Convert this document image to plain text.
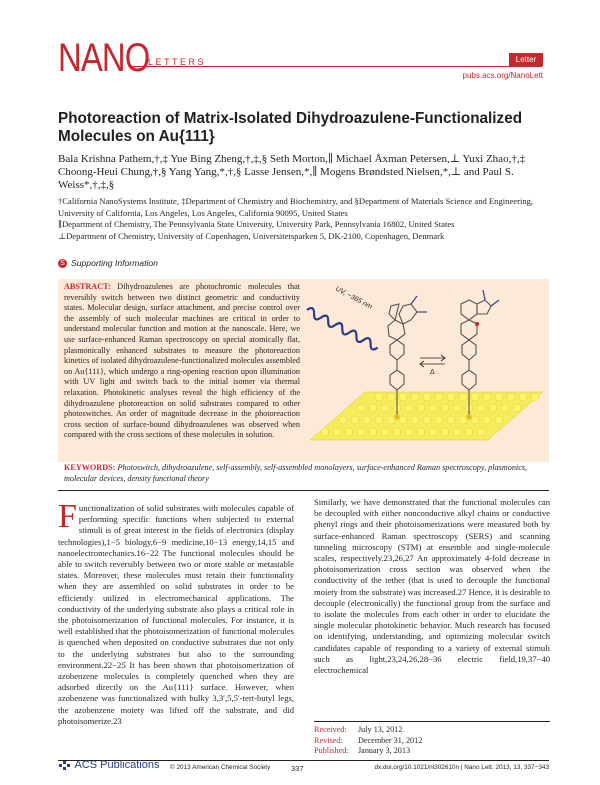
NANO
LETTERS	Letter
pubs.acs.org/NanoLett
Photoreaction of Matrix-Isolated Dihydroazulene-Functionalized Molecules on Au{111}
Bala Krishna Pathem,†,‡ Yue Bing Zheng,†,‡,§ Seth Morton,∥ Michael Åxman Petersen,⊥ Yuxi Zhao,†,‡ Choong-Heui Chung,†,§ Yang Yang,*,†,§ Lasse Jensen,*,∥ Mogens Brøndsted Nielsen,*,⊥ and Paul S. Weiss*,†,‡,§
†California NanoSystems Institute, ‡Department of Chemistry and Biochemistry, and §Department of Materials Science and Engineering, University of California, Los Angeles, Los Angeles, California 90095, United States
∥Department of Chemistry, The Pennsylvania State University, University Park, Pennsylvania 16802, United States
⊥Department of Chemistry, University of Copenhagen, Universitetsparken 5, DK-2100, Copenhagen, Denmark
S Supporting Information
ABSTRACT: Dihydroazulenes are photochromic molecules that reversibly switch between two distinct geometric and conductivity states. Molecular design, surface attachment, and precise control over the assembly of such molecular machines are critical in order to understand molecular function and motion at the nanoscale. Here, we use surface-enhanced Raman spectroscopy on special atomically flat, plasmonically enhanced substrates to measure the photoreaction kinetics of isolated dihydroazulene-functionalized molecules assembled on Au{111}, which undergo a ring-opening reaction upon illumination with UV light and switch back to the initial isomer via thermal relaxation. Photokinetic analyses reveal the high efficiency of the dihydroazulene photoreaction on solid substrates compared to other photoswitches. An order of magnitude decrease in the photoreaction cross section of surface-bound dihydroazulenes was observed when compared with the cross sections of these molecules in solution.
UV, ~365 nm
Δ
KEYWORDS: Photoswitch, dihydroazulene, self-assembly, self-assembled monolayers, surface-enhanced Raman spectroscopy, plasmonics, molecular devices, density functional theory
Functionalization of solid substrates with molecules capable of performing specific functions when subjected to external stimuli is of great interest in the fields of electronics (display technologies),1−5 biology,6−9 medicine,10−13 energy,14,15 and nanoelectromechanics.16−22 The functional molecules should be able to switch reversibly between two or more stable or metastable states. Moreover, these molecules must retain their functionality when they are assembled on solid substrates in order to be efficiently utilized in electromechanical applications. The conductivity of the underlying substrate also plays a critical role in the photoisomerization of functional molecules. For instance, it is well established that the photoisomerization of functional molecules is quenched when deposited on conductive substrates due not only to the underlying substrates but also to the surrounding environment.22−25 It has been shown that photoisomerization of azobenzene molecules is completely quenched when they are adsorbed directly on the Au{111} surface. However, when azobenzene was functionalized with bulky 3,3′,5,5′-tert-butyl legs, the azobenzene moiety was lifted off the substrate, and did photoisomerize.23
Similarly, we have demonstrated that the functional molecules can be decoupled with either nonconductive alkyl chains or conductive phenyl rings and their photoisomerizations were measured both by surface-enhanced Raman spectroscopy (SERS) and scanning tunneling microscopy (STM) at ensemble and single-molecule scales, respectively.23,26,27 An approximately 4-fold decrease in photoisomerization cross section was observed when the conductivity of the tether (that is used to decouple the functional moiety from the substrate) was increased.27 Hence, it is desirable to decouple (electronically) the functional group from the surface and to isolate the molecules from each other in order to elucidate the single molecular photokinetic behavior. Much research has focused on identifying, understanding, and optimizing molecular switch candidates capable of responding to a variety of external stimuli such as light,23,24,26,28−36 electric field,19,37−40 electrochemical
Received: July 13, 2012
Revised: December 31, 2012
Published: January 3, 2013
ACS Publications © 2013 American Chemical Society	337	dx.doi.org/10.1021/nl302610n | Nano Lett. 2013, 13, 337−343
